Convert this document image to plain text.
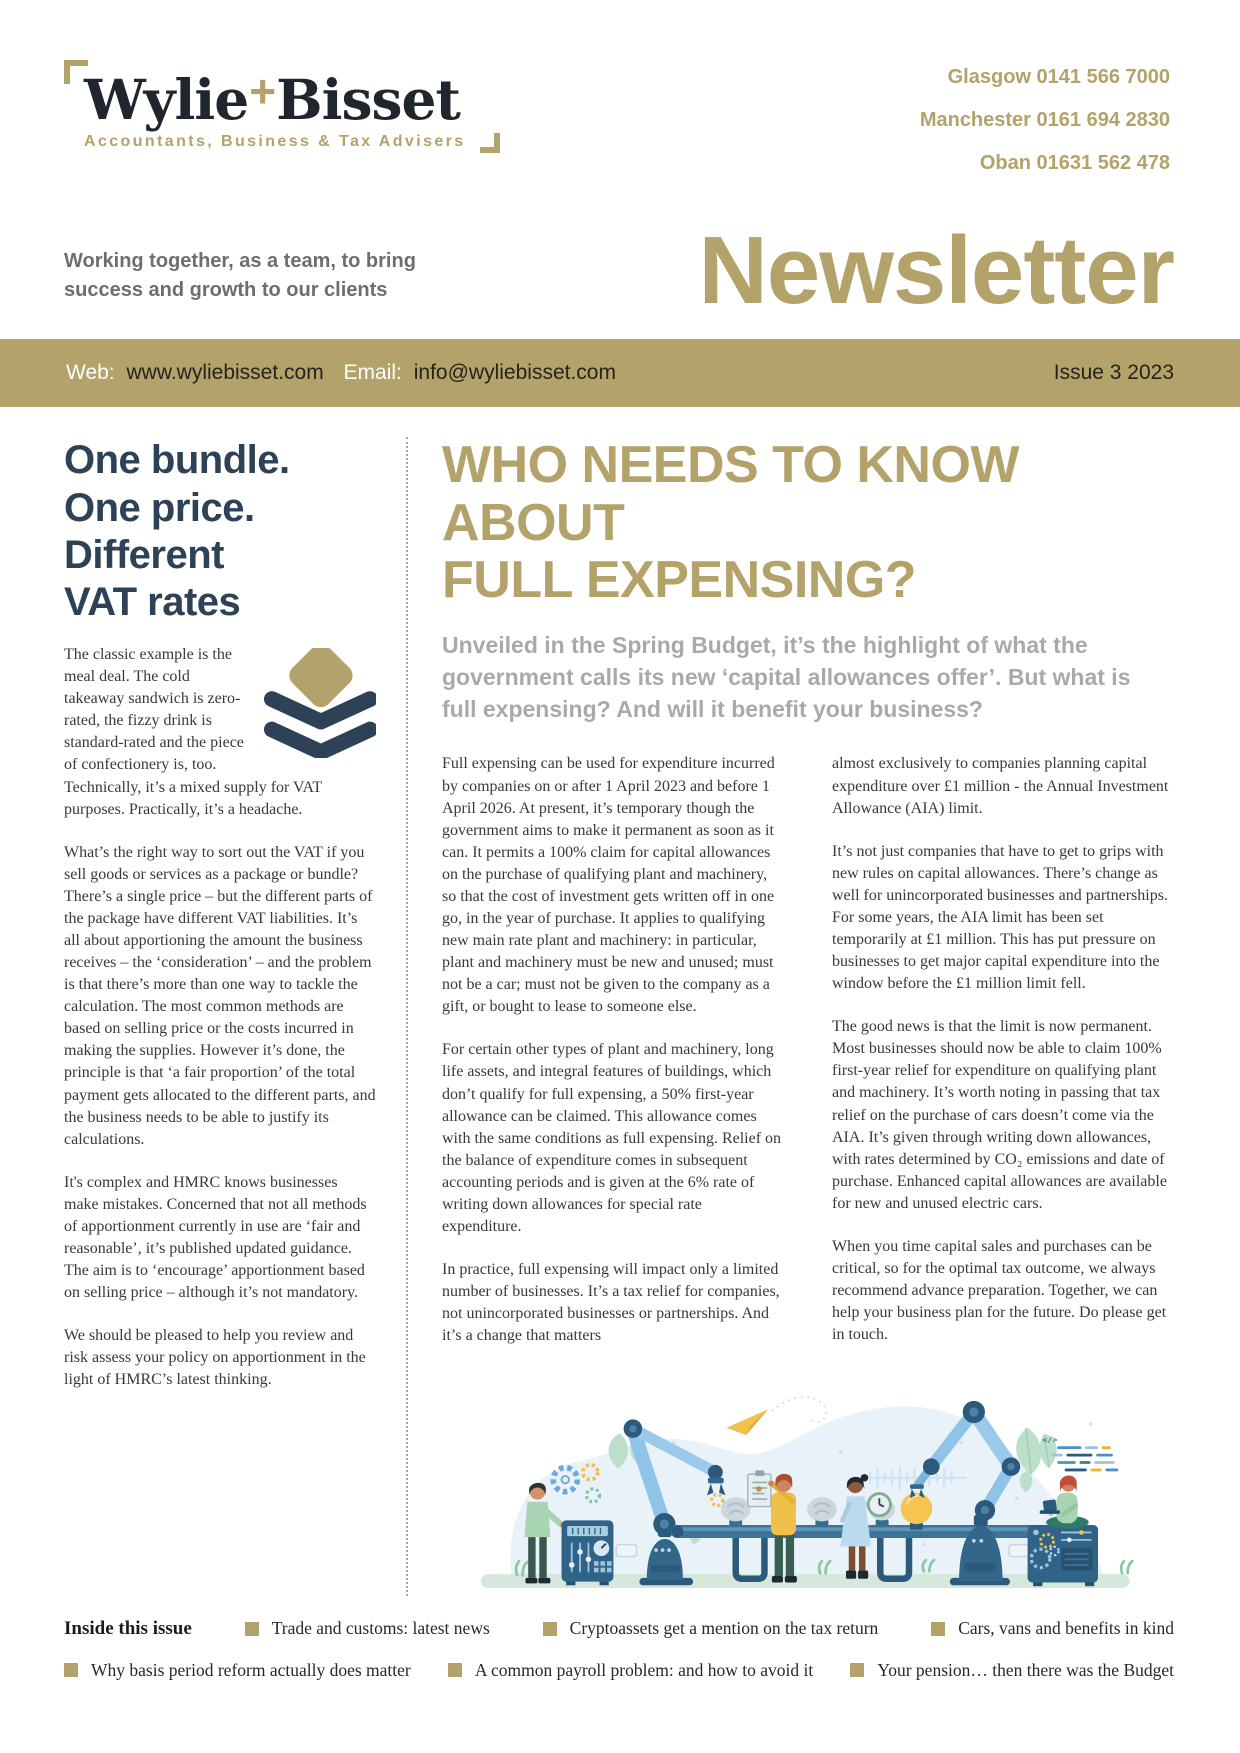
Wylie+Bisset
Accountants, Business & Tax Advisers
Glasgow 0141 566 7000
Manchester 0161 694 2830
Oban 01631 562 478
Working together, as a team, to bring
success and growth to our clients	Newsletter
Web: www.wyliebisset.com Email: info@wyliebisset.com	Issue 3 2023
One bundle.
One price.
Different
VAT rates

The classic example is the meal deal. The cold takeaway sandwich is zero-rated, the fizzy drink is standard-rated and the piece of confectionery is, too. Technically, it’s a mixed supply for VAT purposes. Practically, it’s a headache.

What’s the right way to sort out the VAT if you sell goods or services as a package or bundle? There’s a single price – but the different parts of the package have different VAT liabilities. It’s all about apportioning the amount the business receives – the ‘consideration’ – and the problem is that there’s more than one way to tackle the calculation. The most common methods are based on selling price or the costs incurred in making the supplies. However it’s done, the principle is that ‘a fair proportion’ of the total payment gets allocated to the different parts, and the business needs to be able to justify its calculations.

It's complex and HMRC knows businesses make mistakes. Concerned that not all methods of apportionment currently in use are ‘fair and reasonable’, it’s published updated guidance. The aim is to ‘encourage’ apportionment based on selling price – although it’s not mandatory.

We should be pleased to help you review and risk assess your policy on apportionment in the light of HMRC’s latest thinking.

WHO NEEDS TO KNOW ABOUT
FULL EXPENSING?

Unveiled in the Spring Budget, it’s the highlight of what the government calls its new ‘capital allowances offer’. But what is full expensing? And will it benefit your business?

Full expensing can be used for expenditure incurred by companies on or after 1 April 2023 and before 1 April 2026. At present, it’s temporary though the government aims to make it permanent as soon as it can. It permits a 100% claim for capital allowances on the purchase of qualifying plant and machinery, so that the cost of investment gets written off in one go, in the year of purchase. It applies to qualifying new main rate plant and machinery: in particular, plant and machinery must be new and unused; must not be a car; must not be given to the company as a gift, or bought to lease to someone else.

For certain other types of plant and machinery, long life assets, and integral features of buildings, which don’t qualify for full expensing, a 50% first-year allowance can be claimed. This allowance comes with the same conditions as full expensing. Relief on the balance of expenditure comes in subsequent accounting periods and is given at the 6% rate of writing down allowances for special rate expenditure.

In practice, full expensing will impact only a limited number of businesses. It’s a tax relief for companies, not unincorporated businesses or partnerships. And it’s a change that matters

almost exclusively to companies planning capital expenditure over £1 million - the Annual Investment Allowance (AIA) limit.

It’s not just companies that have to get to grips with new rules on capital allowances. There’s change as well for unincorporated businesses and partnerships. For some years, the AIA limit has been set temporarily at £1 million. This has put pressure on businesses to get major capital expenditure into the window before the £1 million limit fell.

The good news is that the limit is now permanent. Most businesses should now be able to claim 100% first-year relief for expenditure on qualifying plant and machinery. It’s worth noting in passing that tax relief on the purchase of cars doesn’t come via the AIA. It’s given through writing down allowances, with rates determined by CO₂ emissions and date of purchase. Enhanced capital allowances are available for new and unused electric cars.

When you time capital sales and purchases can be critical, so for the optimal tax outcome, we always recommend advance preparation. Together, we can help your business plan for the future. Do please get in touch.

</>
Inside this issue	Trade and customs: latest news	Cryptoassets get a mention on the tax return	Cars, vans and benefits in kind
Why basis period reform actually does matter	A common payroll problem: and how to avoid it	Your pension… then there was the Budget
